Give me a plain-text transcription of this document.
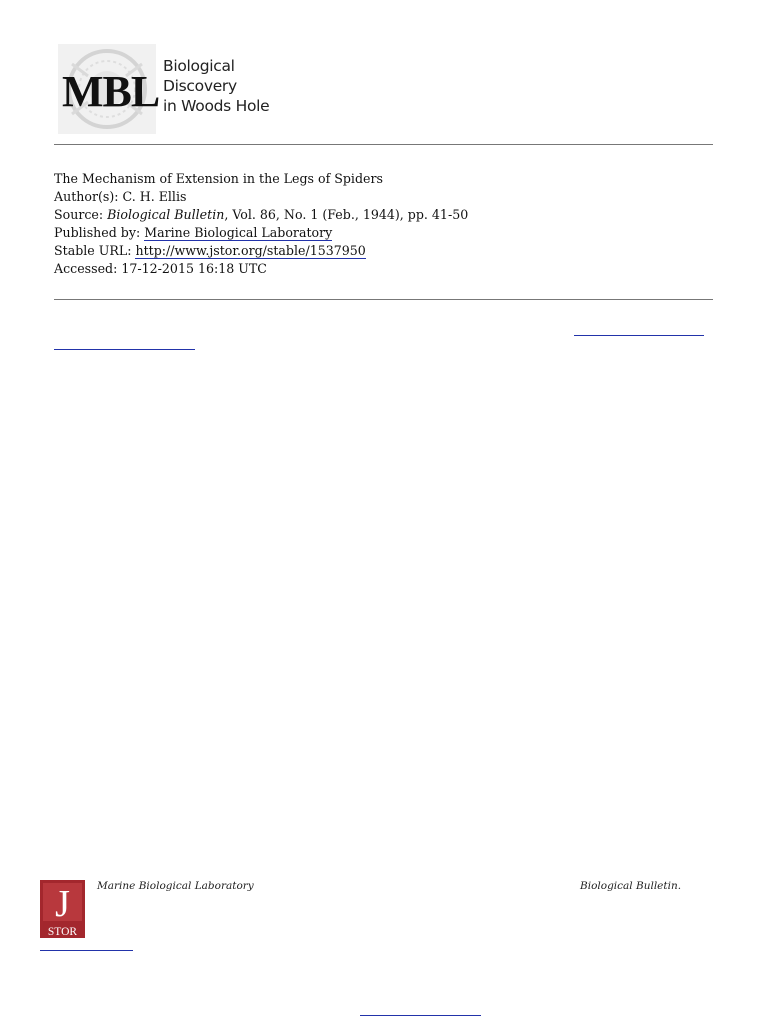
MBL
Biological
Discovery
in Woods Hole
The Mechanism of Extension in the Legs of Spiders
Author(s): C. H. Ellis
Source: Biological Bulletin, Vol. 86, No. 1 (Feb., 1944), pp. 41-50
Published by: Marine Biological Laboratory
Stable URL: http://www.jstor.org/stable/1537950
Accessed: 17-12-2015 16:18 UTC
J
STOR
Marine Biological Laboratory	Biological Bulletin.
